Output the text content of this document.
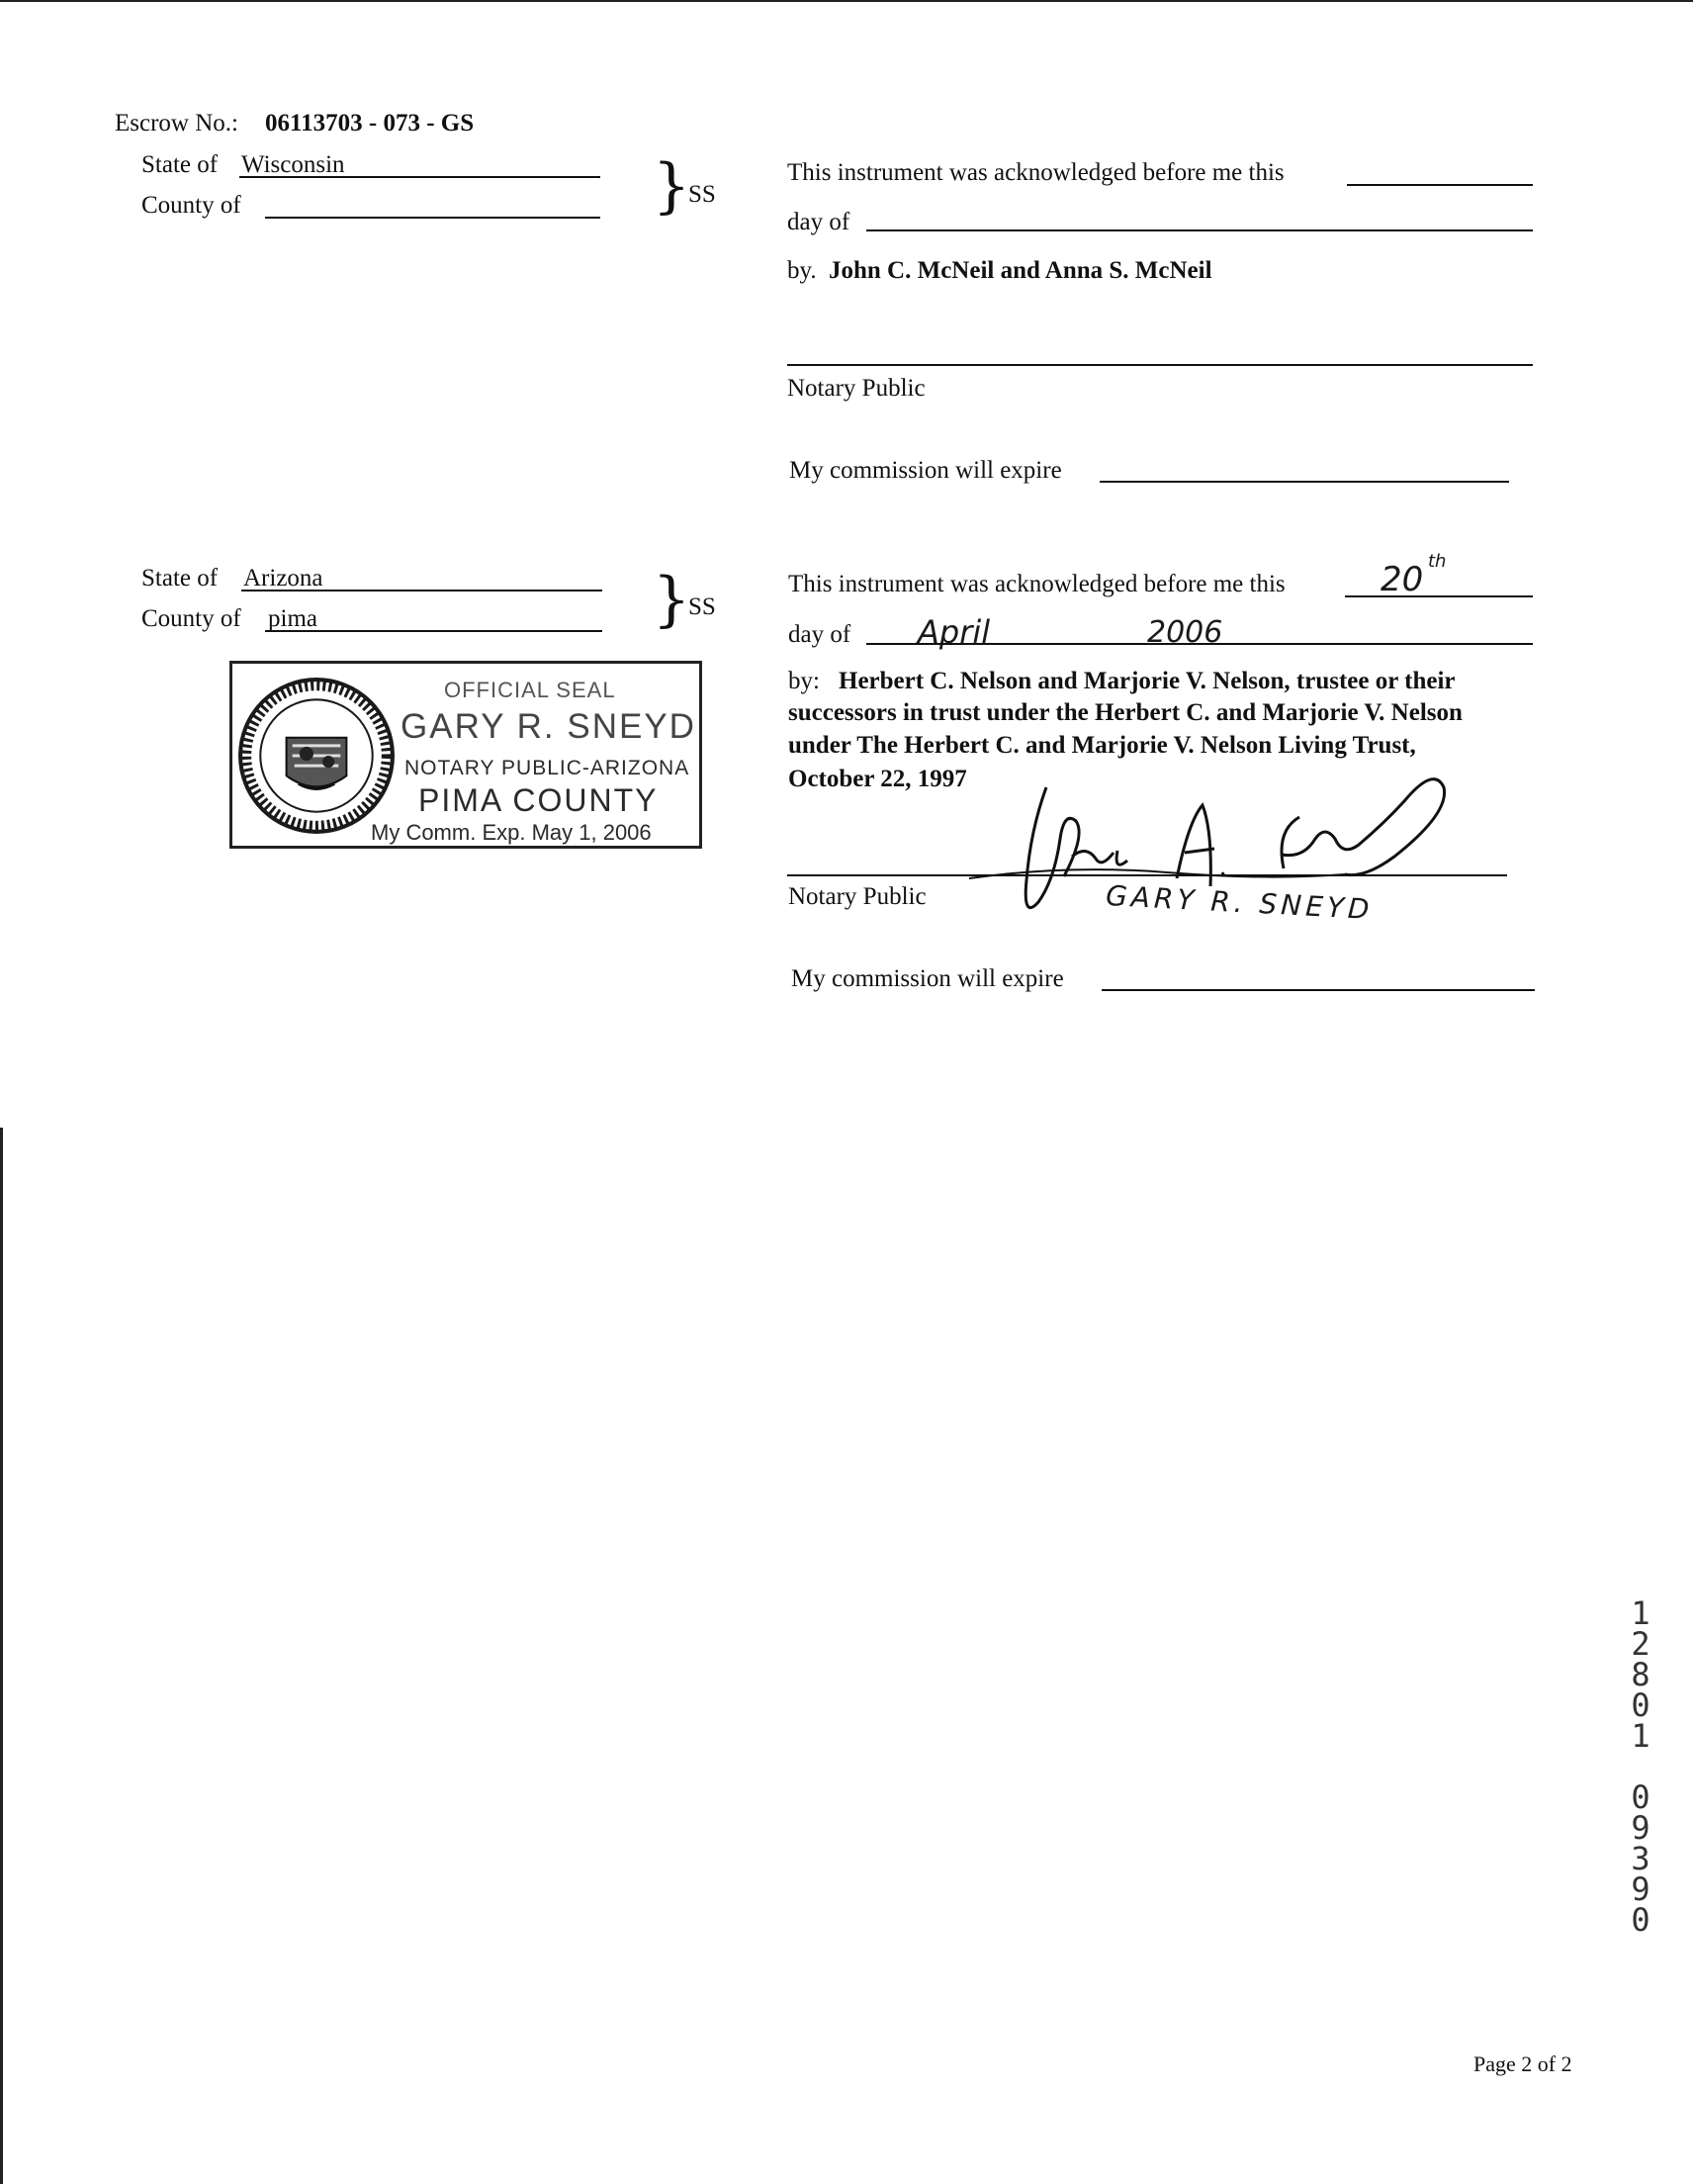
Escrow No.: 06113703 - 073 - GS
State of Wisconsin
County of	}
SS
This instrument was acknowledged before me this
day of
by. John C. McNeil and Anna S. McNeil
Notary Public
My commission will expire
State of Arizona
County of pima	}
SS
OFFICIAL SEAL
GARY R. SNEYD
NOTARY PUBLIC-ARIZONA
PIMA COUNTY
My Comm. Exp. May 1, 2006
This instrument was acknowledged before me this	20 th
day of April	2006
by: Herbert C. Nelson and Marjorie V. Nelson, trustee or their
successors in trust under the Herbert C. and Marjorie V. Nelson
under The Herbert C. and Marjorie V. Nelson Living Trust,
October 22, 1997
Notary Public	GARY R. SNEYD
My commission will expire
1
2
8
0
1

0
9
3
9
0
Page 2 of 2
